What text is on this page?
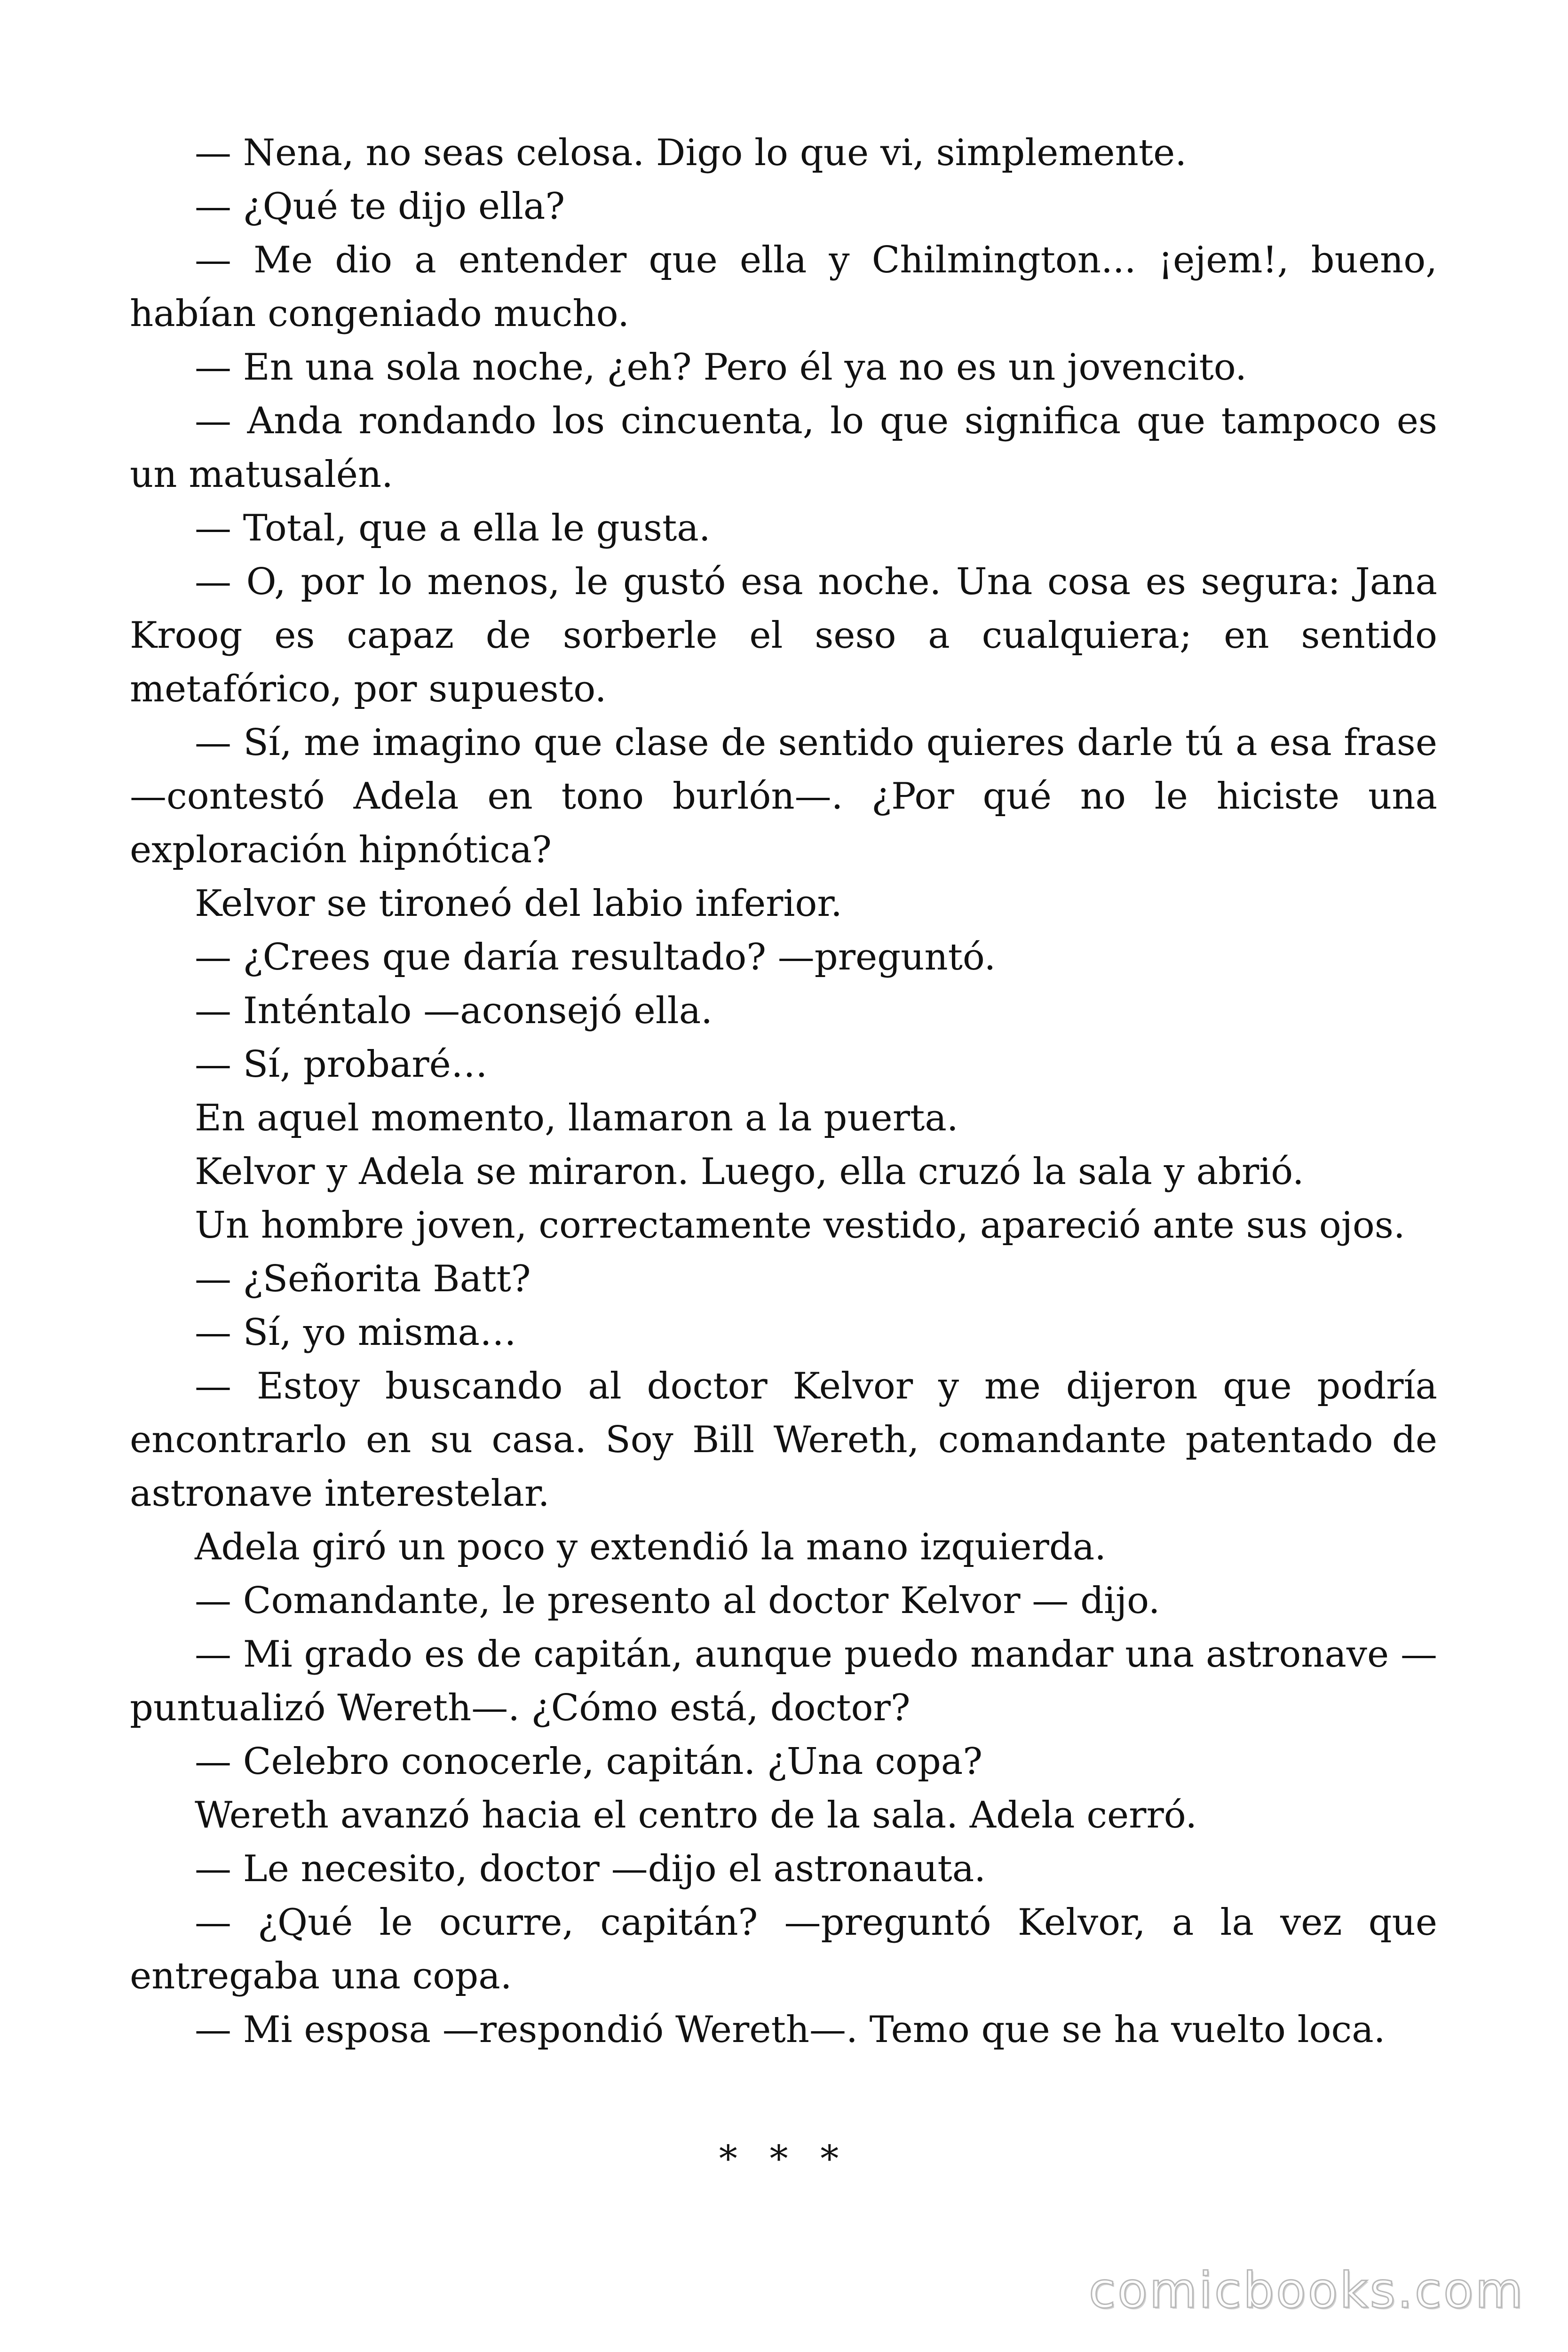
— Nena, no seas celosa. Digo lo que vi, simplemente.

— ¿Qué te dijo ella?

— Me dio a entender que ella y Chilmington... ¡ejem!, bueno, habían congeniado mucho.

— En una sola noche, ¿eh? Pero él ya no es un jovencito.

— Anda rondando los cincuenta, lo que significa que tampoco es un matusalén.

— Total, que a ella le gusta.

— O, por lo menos, le gustó esa noche. Una cosa es segura: Jana Kroog es capaz de sorberle el seso a cualquiera; en sentido metafórico, por supuesto.

— Sí, me imagino que clase de sentido quieres darle tú a esa frase —contestó Adela en tono burlón—. ¿Por qué no le hiciste una exploración hipnótica?

Kelvor se tironeó del labio inferior.

— ¿Crees que daría resultado? —preguntó.

— Inténtalo —aconsejó ella.

— Sí, probaré…

En aquel momento, llamaron a la puerta.

Kelvor y Adela se miraron. Luego, ella cruzó la sala y abrió.

Un hombre joven, correctamente vestido, apareció ante sus ojos.

— ¿Señorita Batt?

— Sí, yo misma…

— Estoy buscando al doctor Kelvor y me dijeron que podría encontrarlo en su casa. Soy Bill Wereth, comandante patentado de astronave interestelar.

Adela giró un poco y extendió la mano izquierda.

— Comandante, le presento al doctor Kelvor — dijo.

— Mi grado es de capitán, aunque puedo mandar una astronave —puntualizó Wereth—. ¿Cómo está, doctor?

— Celebro conocerle, capitán. ¿Una copa?

Wereth avanzó hacia el centro de la sala. Adela cerró.

— Le necesito, doctor —dijo el astronauta.

— ¿Qué le ocurre, capitán? —preguntó Kelvor, a la vez que entregaba una copa.

— Mi esposa —respondió Wereth—. Temo que se ha vuelto loca.

* * *
comicbooks.com
